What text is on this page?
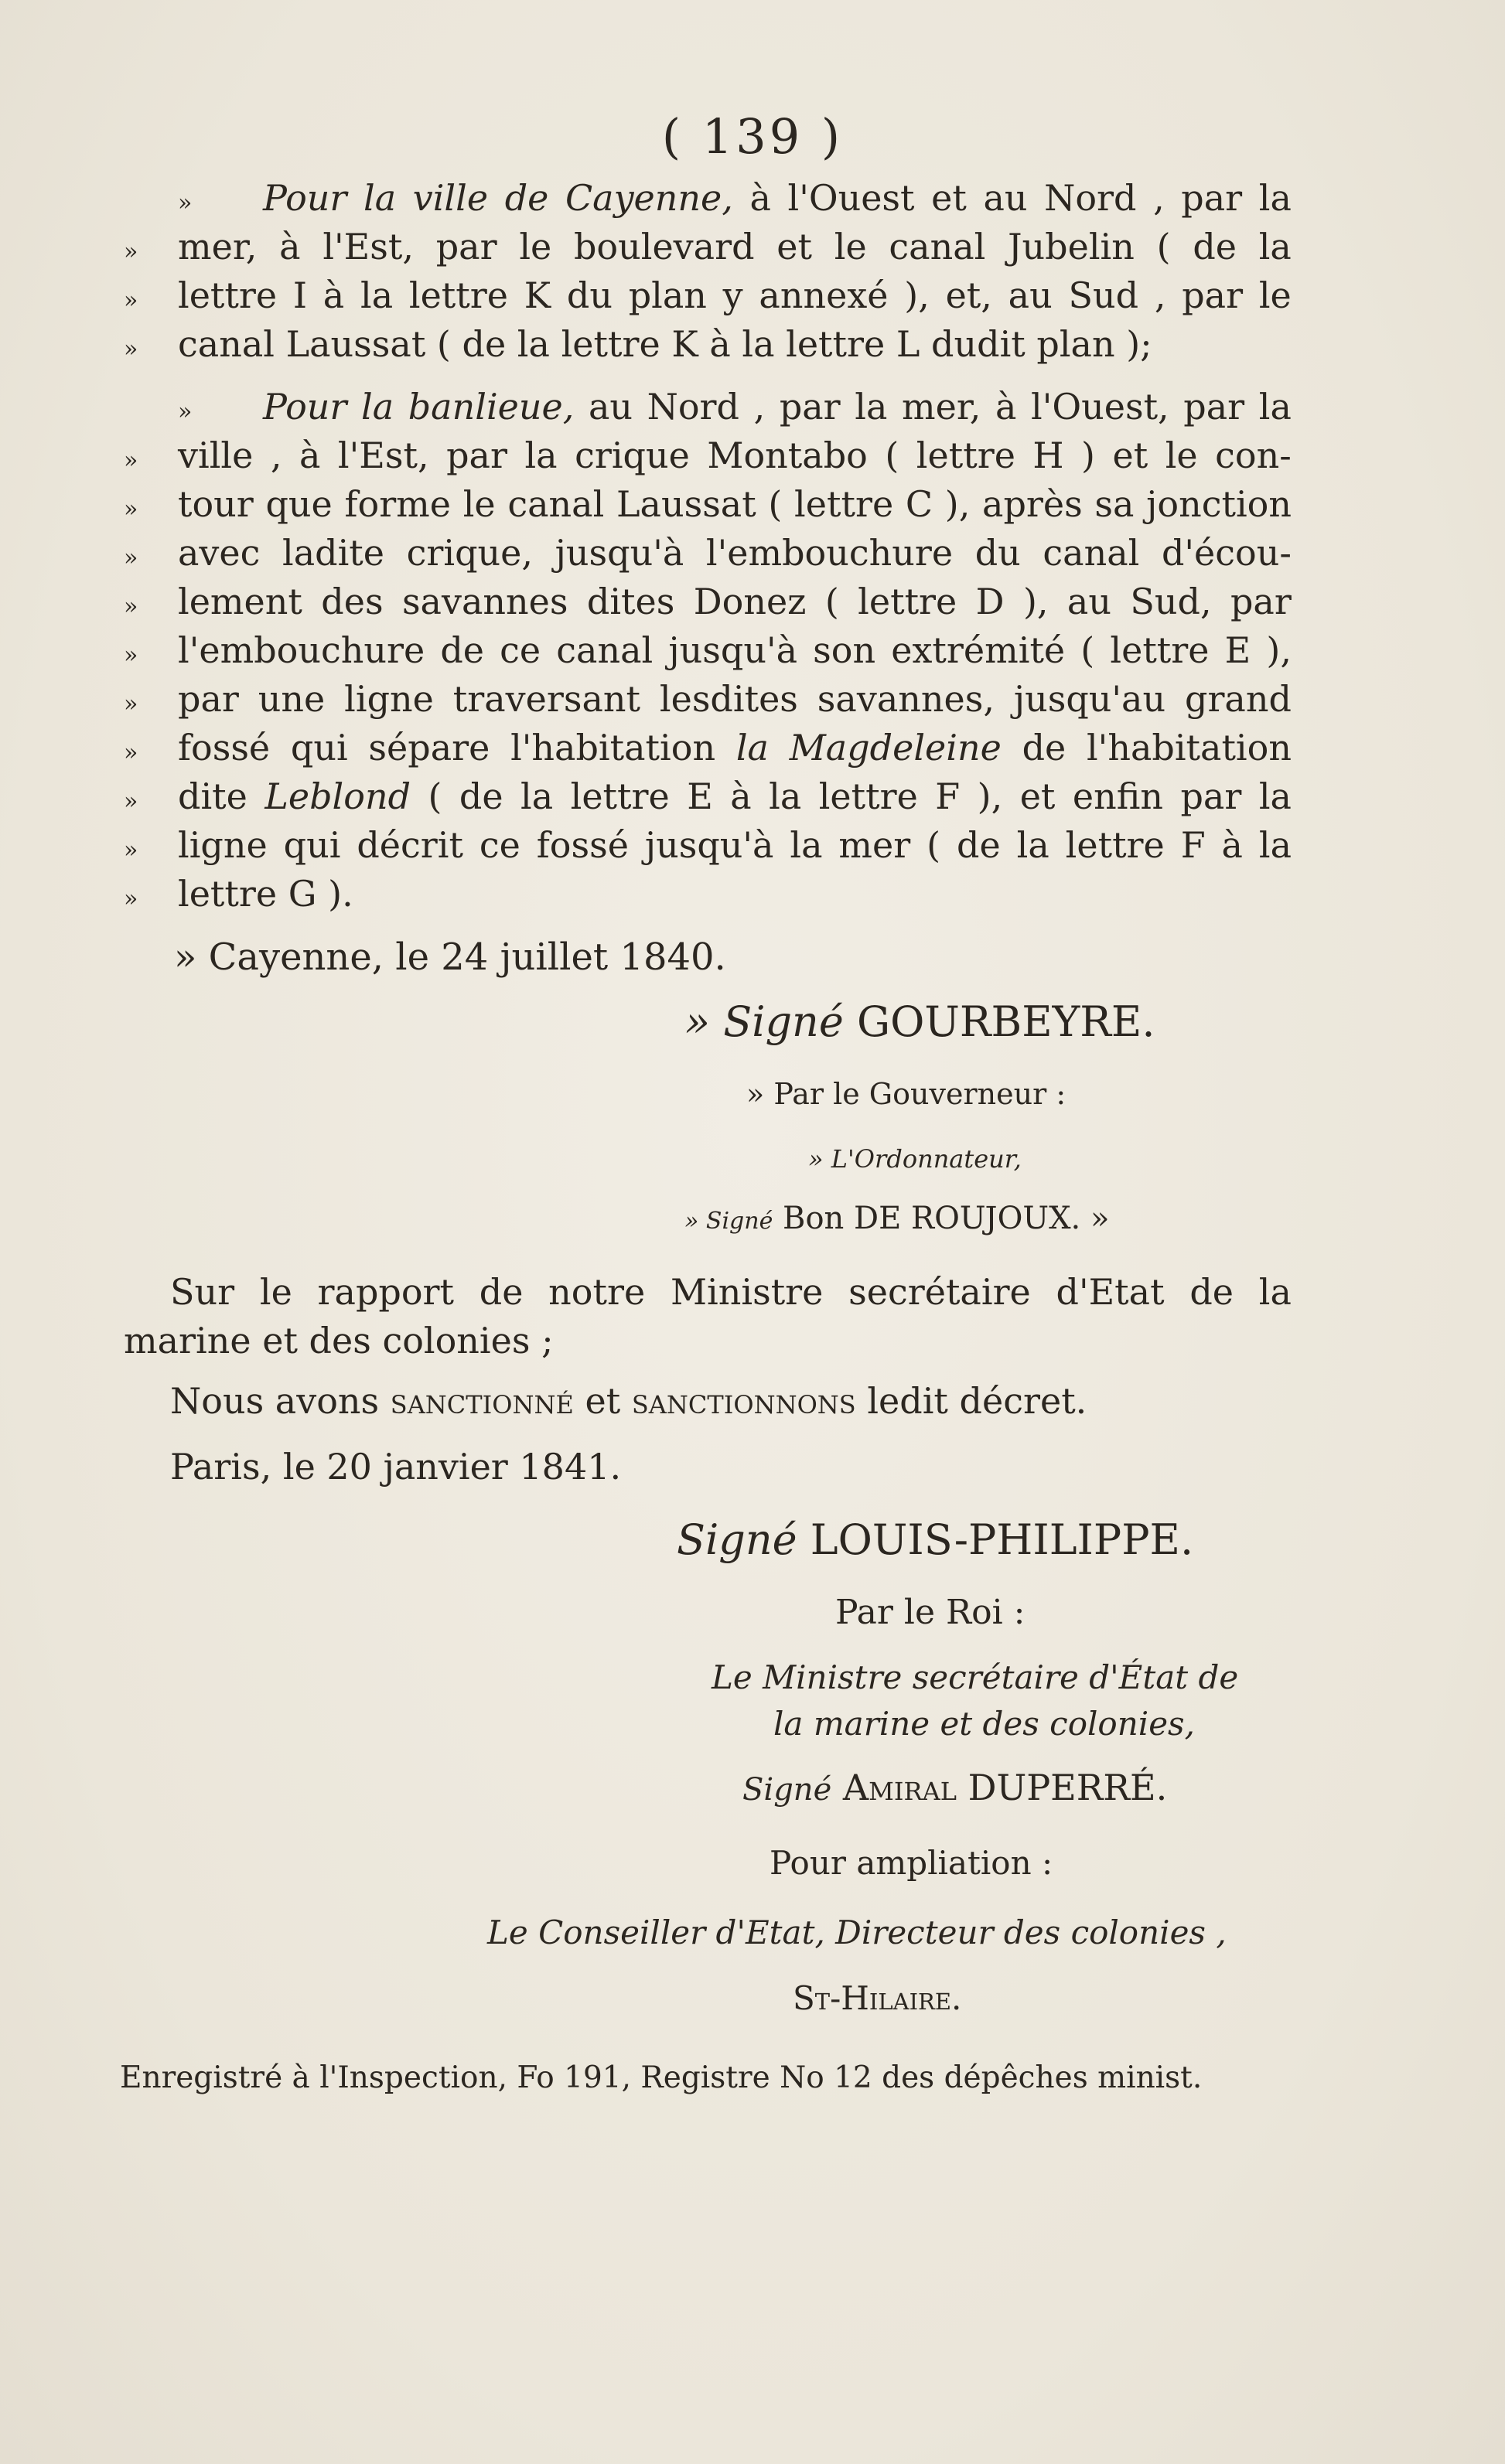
( 139 )
»	Pour la ville de Cayenne, à l'Ouest et au Nord , par la
»	mer, à l'Est, par le boulevard et le canal Jubelin ( de la
»	lettre I à la lettre K du plan y annexé ), et, au Sud , par le
»	canal Laussat ( de la lettre K à la lettre L dudit plan );
»	Pour la banlieue, au Nord , par la mer, à l'Ouest, par la
»	ville , à l'Est, par la crique Montabo ( lettre H ) et le con-
»	tour que forme le canal Laussat ( lettre C ), après sa jonction
»	avec ladite crique, jusqu'à l'embouchure du canal d'écou-
»	lement des savannes dites Donez ( lettre D ), au Sud, par
»	l'embouchure de ce canal jusqu'à son extrémité ( lettre E ),
»	par une ligne traversant lesdites savannes, jusqu'au grand
»	fossé qui sépare l'habitation la Magdeleine de l'habitation
»	dite Leblond ( de la lettre E à la lettre F ), et enfin par la
»	ligne qui décrit ce fossé jusqu'à la mer ( de la lettre F à la
»	lettre G ).
» Cayenne, le 24 juillet 1840.
» Signé GOURBEYRE.
» Par le Gouverneur :
» L'Ordonnateur,
» Signé Bon DE ROUJOUX. »
Sur le rapport de notre Ministre secrétaire d'Etat de la
marine et des colonies ;
Nous avons sanctionné et sanctionnons ledit décret.
Paris, le 20 janvier 1841.
Signé LOUIS-PHILIPPE.
Par le Roi :
Le Ministre secrétaire d'État de
la marine et des colonies,
Signé Amiral DUPERRÉ.
Pour ampliation :
Le Conseiller d'Etat, Directeur des colonies ,
St-Hilaire.
Enregistré à l'Inspection, Fo 191, Registre No 12 des dépêches minist.
